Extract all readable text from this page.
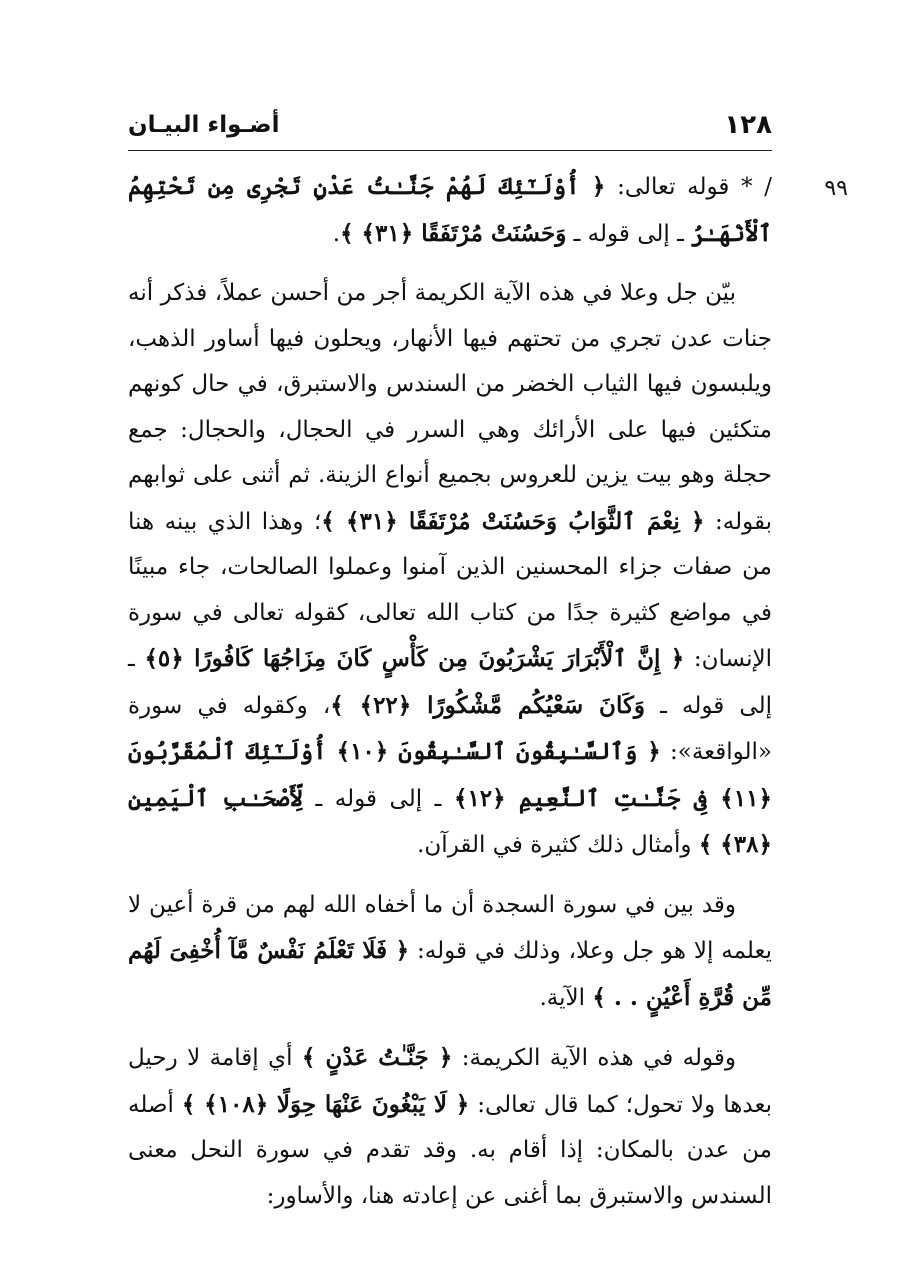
١٢٨
أضـواء البيـان
٩٩

/ * قوله تعالى: ﴿ أُوْلَـٰٓئِكَ لَهُمْ جَنَّـٰتُ عَدْنٍ تَجْرِى مِن تَحْتِهِمُ ٱلْأَنْهَـٰرُ ـ إلى قوله ـ وَحَسُنَتْ مُرْتَفَقًا ﴿٣١﴾ ﴾.

بيّن جل وعلا في هذه الآية الكريمة أجر من أحسن عملاً، فذكر أنه جنات عدن تجري من تحتهم فيها الأنهار، ويحلون فيها أساور الذهب، ويلبسون فيها الثياب الخضر من السندس والاستبرق، في حال كونهم متكئين فيها على الأرائك وهي السرر في الحجال، والحجال: جمع حجلة وهو بيت يزين للعروس بجميع أنواع الزينة. ثم أثنى على ثوابهم بقوله: ﴿ نِعْمَ ٱلثَّوَابُ وَحَسُنَتْ مُرْتَفَقًا ﴿٣١﴾ ﴾؛ وهذا الذي بينه هنا من صفات جزاء المحسنين الذين آمنوا وعملوا الصالحات، جاء مبينًا في مواضع كثيرة جدًا من كتاب الله تعالى، كقوله تعالى في سورة الإنسان: ﴿ إِنَّ ٱلْأَبْرَارَ يَشْرَبُونَ مِن كَأْسٍ كَانَ مِزَاجُهَا كَافُورًا ﴿٥﴾ ـ إلى قوله ـ وَكَانَ سَعْيُكُم مَّشْكُورًا ﴿٢٢﴾ ﴾، وكقوله في سورة «الواقعة»: ﴿ وَٱلسَّـٰبِقُونَ ٱلسَّـٰبِقُونَ ﴿١٠﴾ أُوْلَـٰٓئِكَ ٱلْمُقَرَّبُونَ ﴿١١﴾ فِى جَنَّـٰتِ ٱلنَّعِيمِ ﴿١٢﴾ ـ إلى قوله ـ لِّأَصْحَـٰبِ ٱلْيَمِينِ ﴿٣٨﴾ ﴾ وأمثال ذلك كثيرة في القرآن.

وقد بين في سورة السجدة أن ما أخفاه الله لهم من قرة أعين لا يعلمه إلا هو جل وعلا، وذلك في قوله: ﴿ فَلَا تَعْلَمُ نَفْسٌ مَّآ أُخْفِىَ لَهُم مِّن قُرَّةِ أَعْيُنٍ . . ﴾ الآية.

وقوله في هذه الآية الكريمة: ﴿ جَنَّـٰتُ عَدْنٍ ﴾ أي إقامة لا رحيل بعدها ولا تحول؛ كما قال تعالى: ﴿ لَا يَبْغُونَ عَنْهَا حِوَلًا ﴿١٠٨﴾ ﴾ أصله من عدن بالمكان: إذا أقام به. وقد تقدم في سورة النحل معنى السندس والاستبرق بما أغنى عن إعادته هنا، والأساور:
